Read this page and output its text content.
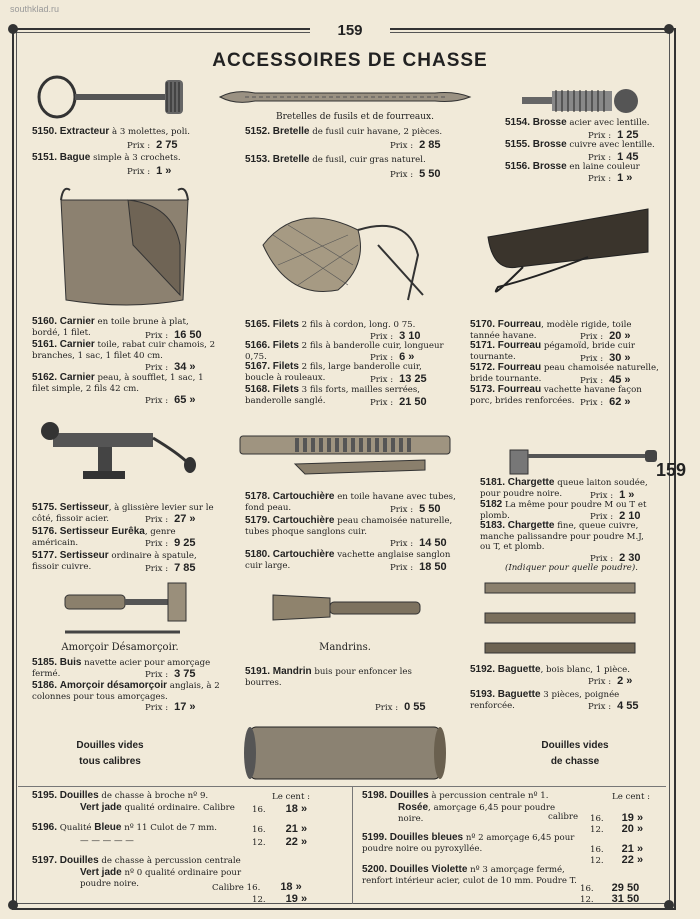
southklad.ru
159
159
ACCESSOIRES DE CHASSE
5150. Extracteur à 3 molettes, poli.
Prix : 2 75
5151. Bague simple à 3 crochets.
Prix : 1 »
Bretelles de fusils et de fourreaux.
5152. Bretelle de fusil cuir havane, 2 pièces.
Prix : 2 85
5153. Bretelle de fusil, cuir gras naturel.
Prix : 5 50
5154. Brosse acier avec lentille.
Prix : 1 25
5155. Brosse cuivre avec lentille.
Prix : 1 45
5156. Brosse en laine couleur
Prix : 1 »
5160. Carnier en toile brune à plat, bordé, 1 filet.	Prix : 16 50
5161. Carnier toile, rabat cuir chamois, 2 branches, 1 sac, 1 filet 40 cm.
Prix : 34 »
5162. Carnier peau, à soufflet, 1 sac, 1 filet simple, 2 fils 42 cm.
Prix : 65 »
5165. Filets 2 fils à cordon, long. 0 75.
Prix : 3 10
5166. Filets 2 fils à banderolle cuir, longueur 0,75.	Prix : 6 »
5167. Filets 2 fils, large banderolle cuir, boucle à rouleaux.	Prix : 13 25
5168. Filets 3 fils forts, mailles serrées, banderolle sanglé.	Prix : 21 50
5170. Fourreau, modèle rigide, toile tannée havane.	Prix : 20 »
5171. Fourreau pégamoïd, bride cuir tournante.	Prix : 30 »
5172. Fourreau peau chamoisée naturelle, bride tournante.	Prix : 45 »
5173. Fourreau vachette havane façon porc, brides renforcées. Prix : 62 »
5175. Sertisseur, à glissière levier sur le côté, fissoir acier.	Prix : 27 »
5176. Sertisseur Eurêka, genre américain.	Prix : 9 25
5177. Sertisseur ordinaire à spatule, fissoir cuivre.	Prix : 7 85
5178. Cartouchière en toile havane avec tubes, fond peau.	Prix : 5 50
5179. Cartouchière peau chamoisée naturelle, tubes phoque sanglons cuir.
Prix : 14 50
5180. Cartouchière vachette anglaise sanglon cuir large.	Prix : 18 50
5181. Chargette queue laiton soudée, pour poudre noire.	Prix : 1 »
5182 La même pour poudre M ou T et plomb.	Prix : 2 10
5183. Chargette fine, queue cuivre, manche palissandre pour poudre M.J, ou T, et plomb.
Prix : 2 30
(Indiquer pour quelle poudre).
Amorçoir Désamorçoir.
5185. Buis navette acier pour amorçage fermé.	Prix : 3 75
5186. Amorçoir désamorçoir anglais, à 2 colonnes pour tous amorçages.
Prix : 17 »
Mandrins.
5191. Mandrin buis pour enfoncer les bourres.
Prix : 0 55
5192. Baguette, bois blanc, 1 pièce.
Prix : 2 »
5193. Baguette 3 pièces, poignée renforcée.	Prix : 4 55
Douilles vides
tous calibres
Douilles vides
de chasse
Le cent :
5195. Douilles de chasse à broche nº 9.
Vert jade qualité ordinaire. Calibre	16. 18 »
5196. Qualité Bleue nº 11 Culot de 7 mm.	16. 21 »
— — — — —	12. 22 »
5197. Douilles de chasse à percussion centrale
Vert jade nº 0 qualité ordinaire pour poudre noire.	Calibre 16. 18 »
12. 19 »
Le cent :
5198. Douilles à percussion centrale nº 1.
Rosée, amorçage 6,45 pour poudre noire.	calibre 16. 19 »
12. 20 »
5199. Douilles bleues nº 2 amorçage 6,45 pour poudre noire ou pyroxyllée.	16. 21 »
12. 22 »
5200. Douilles Violette nº 3 amorçage fermé, renfort intérieur acier, culot de 10 mm. Poudre T.
16. 29 50
12. 31 50
